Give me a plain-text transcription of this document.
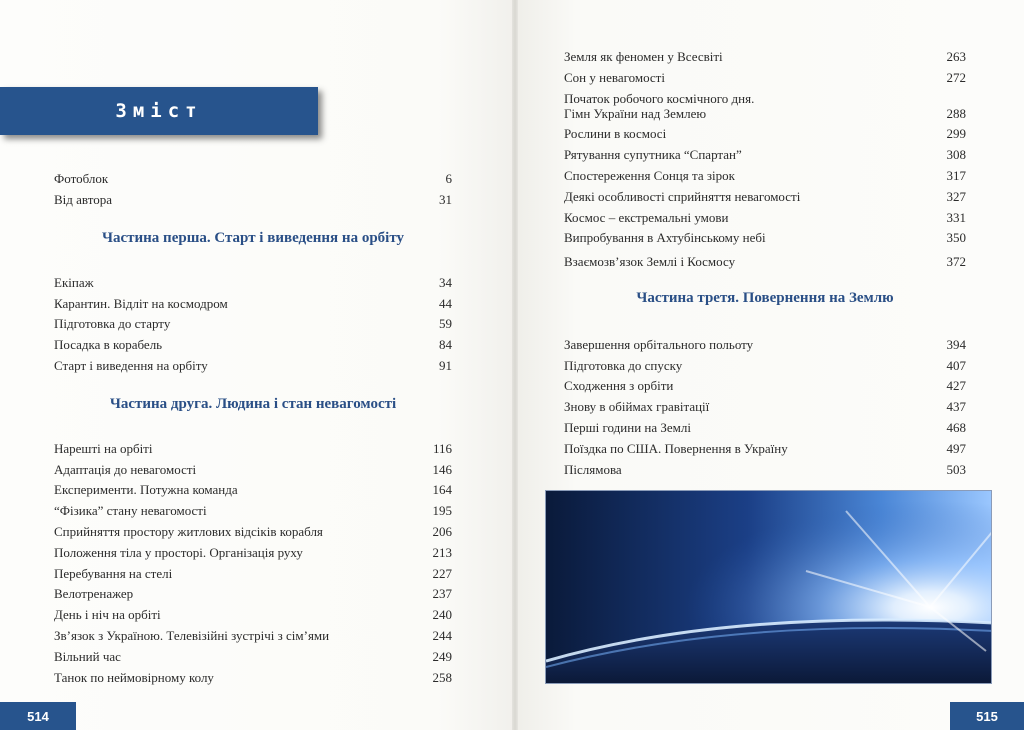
Зміст
Фотоблок	6
Від автора	31
Частина перша. Старт і виведення на орбіту
Екіпаж	34
Карантин. Відліт на космодром	44
Підготовка до старту	59
Посадка в корабель	84
Старт і виведення на орбіту	91
Частина друга. Людина і стан невагомості
Нарешті на орбіті	116
Адаптація до невагомості	146
Експерименти. Потужна команда	164
“Фізика” стану невагомості	195
Сприйняття простору житлових відсіків корабля	206
Положення тіла у просторі. Організація руху	213
Перебування на стелі	227
Велотренажер	237
День і ніч на орбіті	240
Зв’язок з Україною. Телевізійні зустрічі з сім’ями	244
Вільний час	249
Танок по неймовірному колу	258
514
Земля як феномен у Всесвіті	263
Сон у невагомості	272
Початок робочого космічного дня.
Гімн України над Землею	288
Рослини в космосі	299
Рятування супутника “Спартан”	308
Спостереження Сонця та зірок	317
Деякі особливості сприйняття невагомості	327
Космос – екстремальні умови	331
Випробування в Ахтубінському небі	350
Взаємозв’язок Землі і Космосу	372
Частина третя. Повернення на Землю
Завершення орбітального польоту	394
Підготовка до спуску	407
Сходження з орбіти	427
Знову в обіймах гравітації	437
Перші години на Землі	468
Поїздка по США. Повернення в Україну	497
Післямова	503
515
